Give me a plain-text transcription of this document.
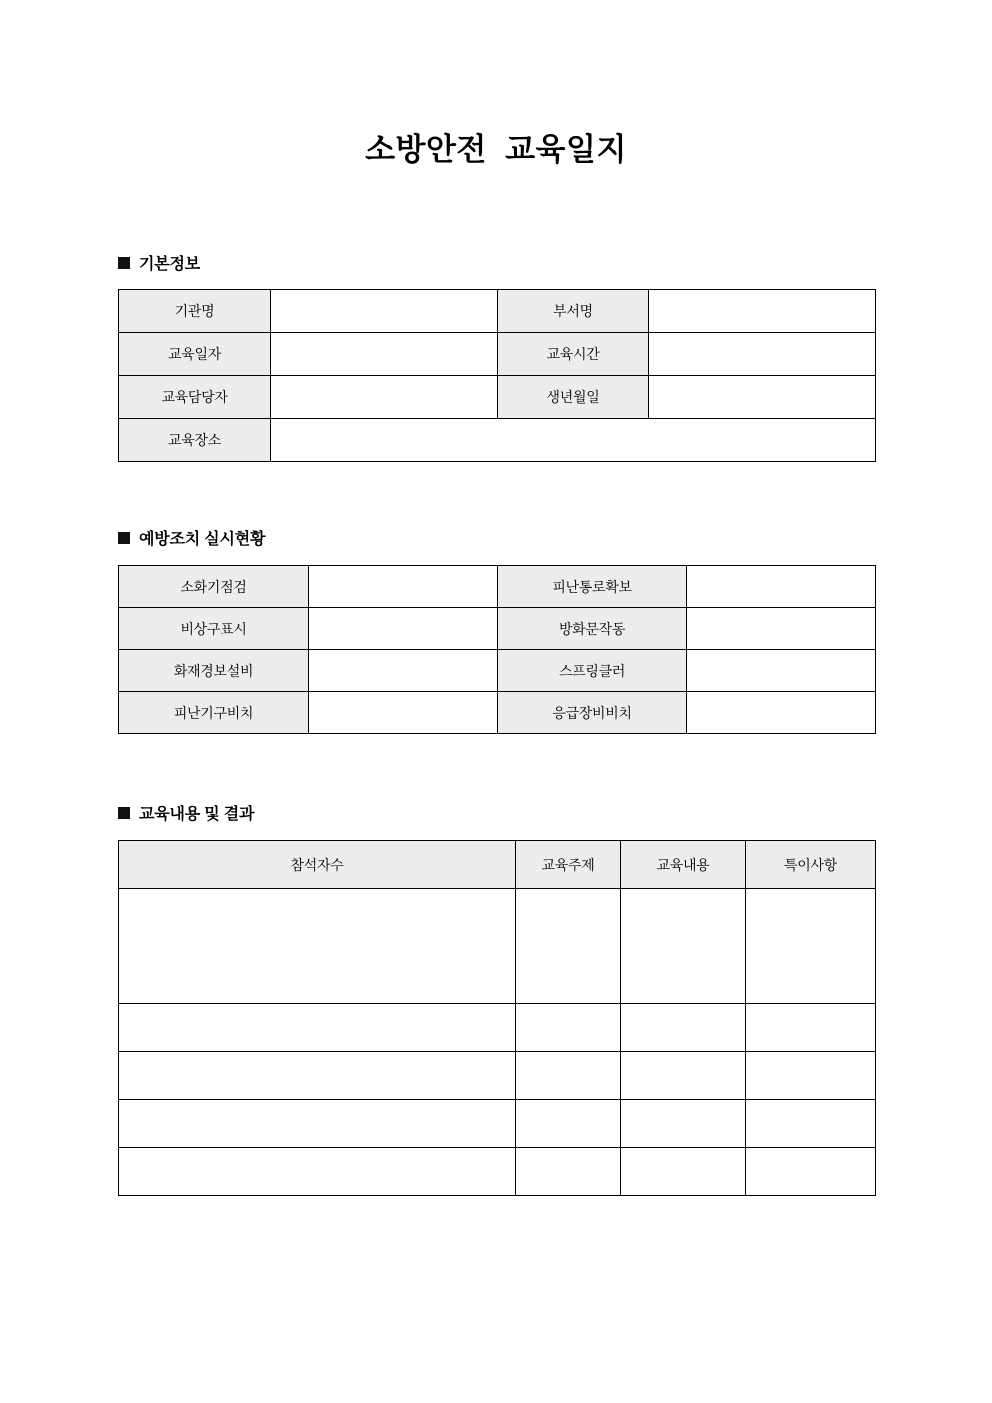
소방안전  교육일지
기본정보
기관명		부서명	
교육일자		교육시간	
교육담당자		생년월일	
교육장소			
예방조치 실시현황
소화기점검		피난통로확보	
비상구표시		방화문작동	
화재경보설비		스프링클러	
피난기구비치		응급장비비치	
교육내용 및 결과
참석자수	교육주제	교육내용	특이사항
